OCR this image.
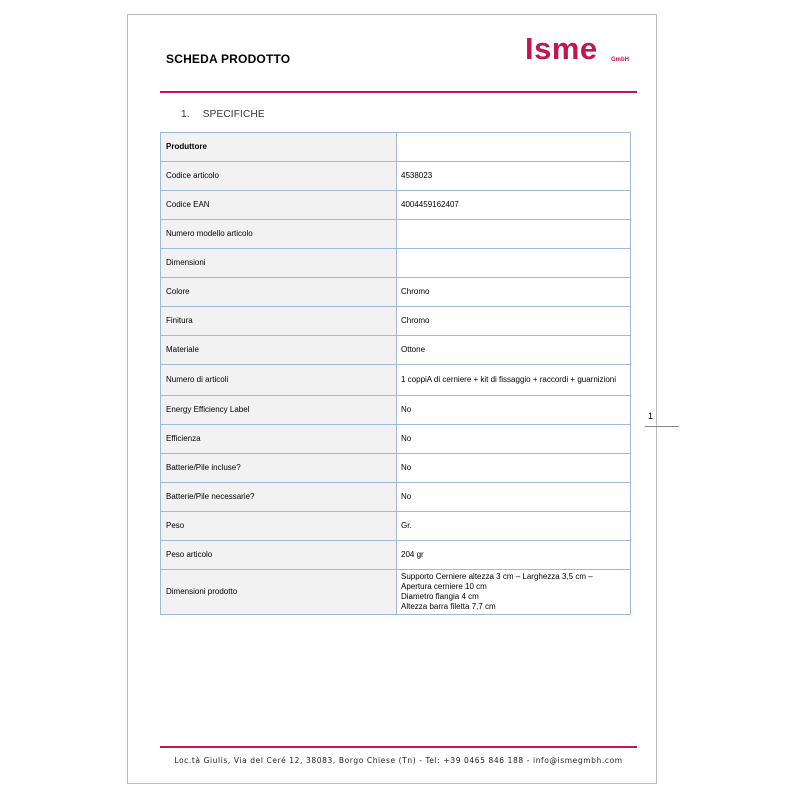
SCHEDA PRODOTTO	Isme GmbH
1. SPECIFICHE
Produttore	
Codice articolo	4538023
Codice EAN	4004459162407
Numero modello articolo	
Dimensioni	
Colore	Chromo
Finitura	Chromo
Materiale	Ottone
Numero di articoli	1 coppiA di cerniere + kit di fissaggio + raccordi + guarnizioni
Energy Efficiency Label	No
Efficienza	No
Batterie/Pile incluse?	No
Batterie/Pile necessarie?	No
Peso	Gr.
Peso articolo	204 gr
Dimensioni prodotto	Supporto Cerniere altezza 3 cm – Larghezza 3,5 cm –
Apertura cerniere 10 cm
Diametro flangia 4 cm
Altezza barra filetta 7,7 cm
1
Loc.tà Giulis, Via del Ceré 12, 38083, Borgo Chiese (Tn) - Tel: +39 0465 846 188 - info@ismegmbh.com
